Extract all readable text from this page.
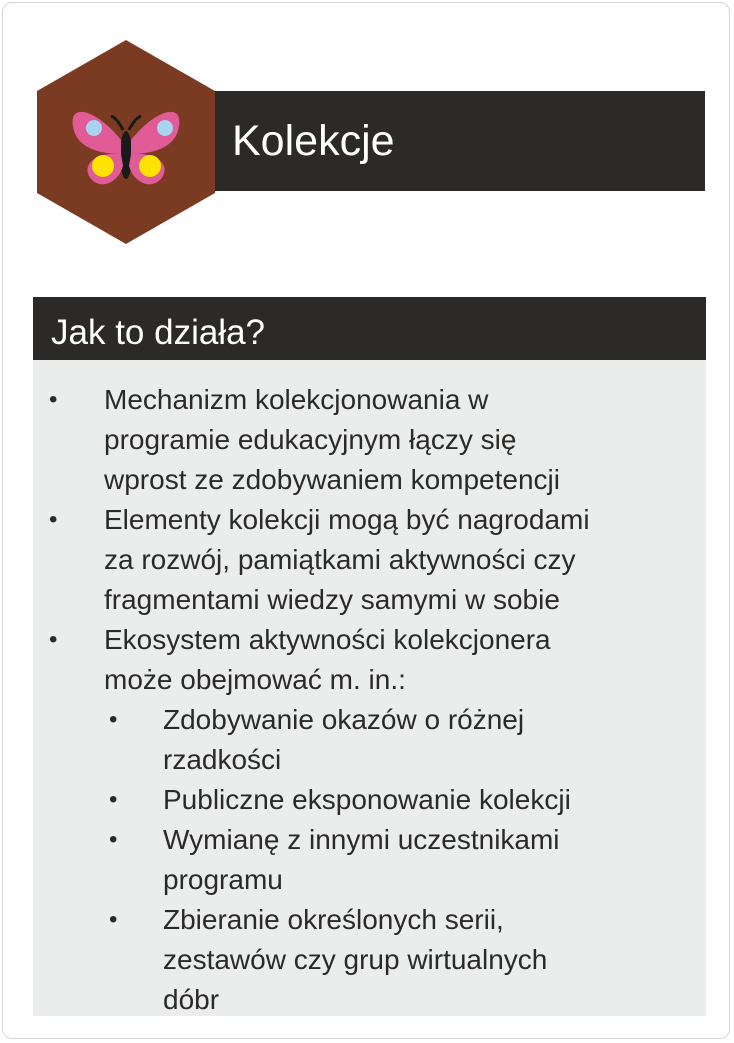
Kolekcje
Jak to działa?
• Mechanizm kolekcjonowania w
programie edukacyjnym łączy się
wprost ze zdobywaniem kompetencji
• Elementy kolekcji mogą być nagrodami
za rozwój, pamiątkami aktywności czy
fragmentami wiedzy samymi w sobie
• Ekosystem aktywności kolekcjonera
może obejmować m. in.:
• Zdobywanie okazów o różnej
rzadkości
• Publiczne eksponowanie kolekcji
• Wymianę z innymi uczestnikami
programu
• Zbieranie określonych serii,
zestawów czy grup wirtualnych
dóbr
